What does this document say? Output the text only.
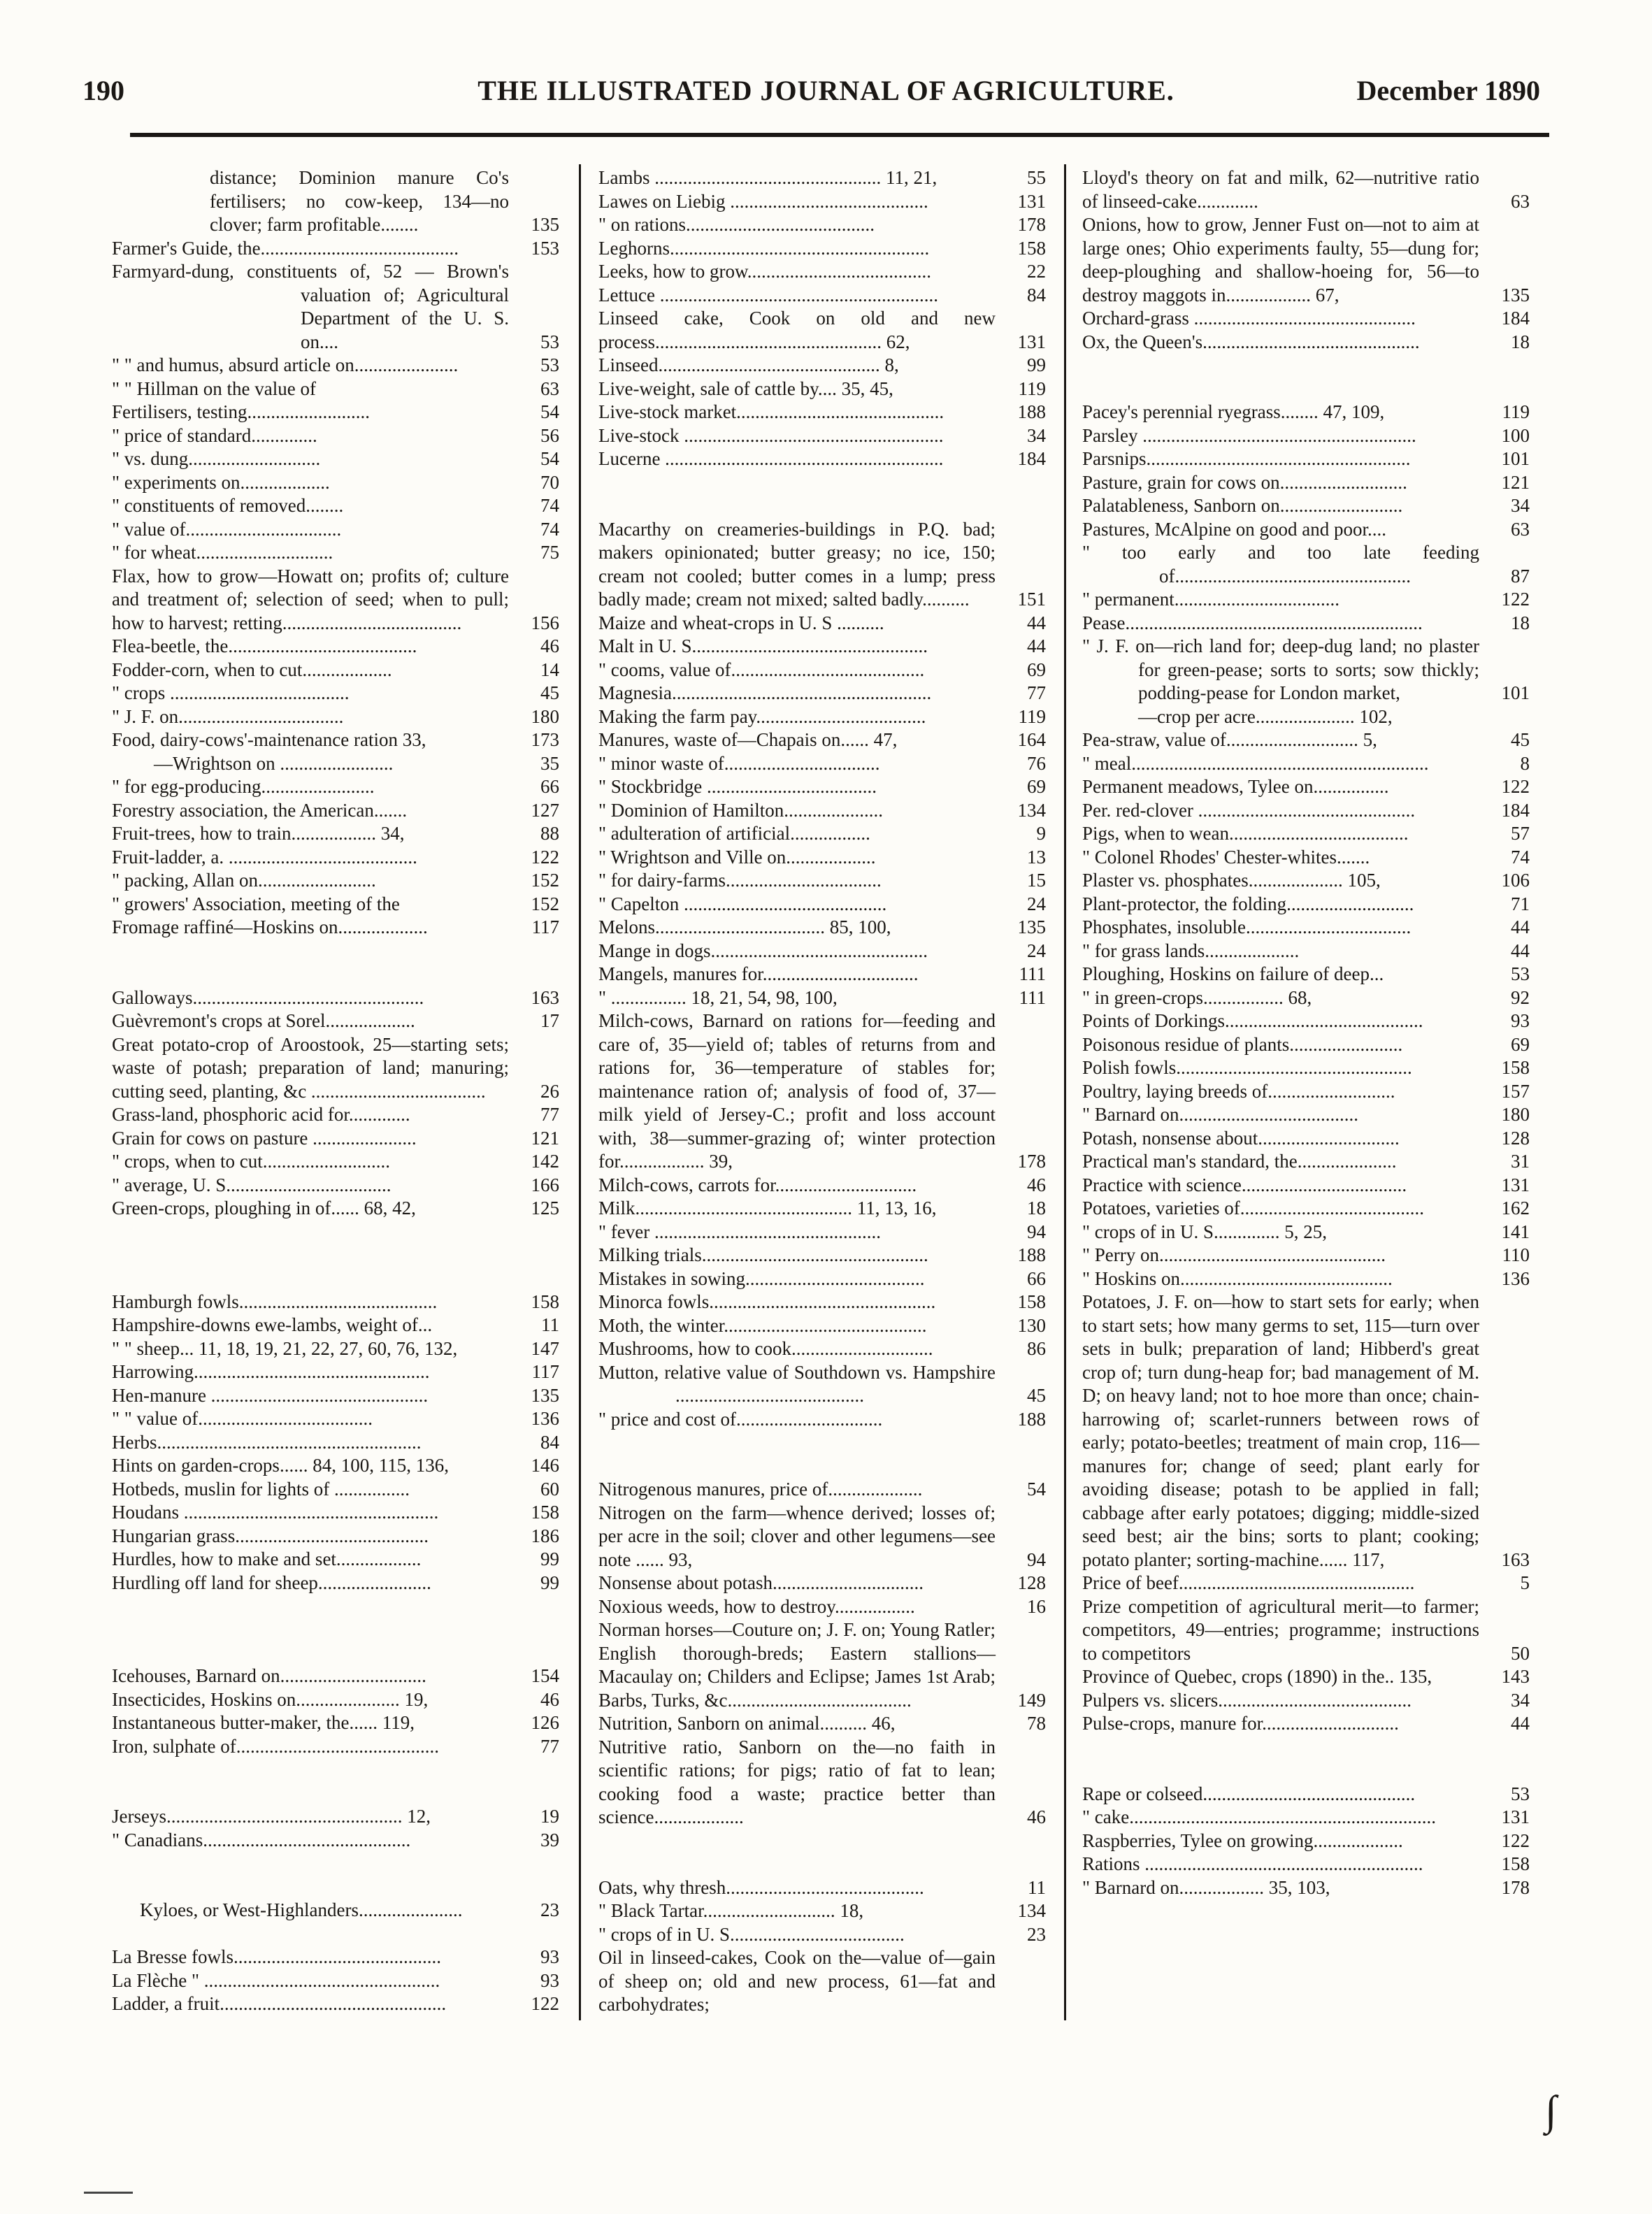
190	THE ILLUSTRATED JOURNAL OF AGRICULTURE.	December 1890
distance; Dominion manure Co's fertilisers; no cow-keep, 134—no clover; farm profitable........	135
Farmer's Guide, the..........................................	153
Farmyard-dung, constituents of, 52 — Brown's valuation of; Agricultural Department of the U. S. on....	53
" " and humus, absurd article on......................	53
" " Hillman on the value of	63
Fertilisers, testing..........................	54
" price of standard..............	56
" vs. dung............................	54
" experiments on...................	70
" constituents of removed........	74
" value of.................................	74
" for wheat.............................	75
Flax, how to grow—Howatt on; profits of; culture and treatment of; selection of seed; when to pull; how to harvest; retting......................................	156
Flea-beetle, the........................................	46
Fodder-corn, when to cut...................	14
" crops ......................................	45
" J. F. on...................................	180
Food, dairy-cows'-maintenance ration 33,	173
—Wrightson on ........................	35
" for egg-producing........................	66
Forestry association, the American.......	127
Fruit-trees, how to train.................. 34,	88
Fruit-ladder, a. ........................................	122
" packing, Allan on.........................	152
" growers' Association, meeting of the	152
Fromage raffiné—Hoskins on...................	117
Galloways.................................................	163
Guèvremont's crops at Sorel...................	17
Great potato-crop of Aroostook, 25—starting sets; waste of potash; preparation of land; manuring; cutting seed, planting, &c .....................................	26
Grass-land, phosphoric acid for.............	77
Grain for cows on pasture ......................	121
" crops, when to cut...........................	142
" average, U. S...................................	166
Green-crops, ploughing in of...... 68, 42,	125
Hamburgh fowls..........................................	158
Hampshire-downs ewe-lambs, weight of...	11
" " sheep... 11, 18, 19, 21, 22, 27, 60, 76, 132,	147
Harrowing..................................................	117
Hen-manure ..............................................	135
" " value of.....................................	136
Herbs........................................................	84
Hints on garden-crops...... 84, 100, 115, 136,	146
Hotbeds, muslin for lights of ................	60
Houdans ......................................................	158
Hungarian grass.........................................	186
Hurdles, how to make and set..................	99
Hurdling off land for sheep........................	99
Icehouses, Barnard on...............................	154
Insecticides, Hoskins on...................... 19,	46
Instantaneous butter-maker, the...... 119,	126
Iron, sulphate of...........................................	77
Jerseys.................................................. 12,	19
" Canadians............................................	39
Kyloes, or West-Highlanders......................	23
La Bresse fowls............................................	93
La Flèche " ..................................................	93
Ladder, a fruit................................................	122
Lambs ................................................ 11, 21,	55
Lawes on Liebig ..........................................	131
" on rations........................................	178
Leghorns.......................................................	158
Leeks, how to grow.......................................	22
Lettuce ...........................................................	84
Linseed cake, Cook on old and new process................................................ 62,	131
Linseed............................................... 8,	99
Live-weight, sale of cattle by.... 35, 45,	119
Live-stock market............................................	188
Live-stock .......................................................	34
Lucerne ...........................................................	184
Macarthy on creameries-buildings in P.Q. bad; makers opinionated; butter greasy; no ice, 150; cream not cooled; butter comes in a lump; press badly made; cream not mixed; salted badly..........	151
Maize and wheat-crops in U. S ..........	44
Malt in U. S..................................................	44
" cooms, value of.........................................	69
Magnesia.......................................................	77
Making the farm pay....................................	119
Manures, waste of—Chapais on...... 47,	164
" minor waste of.................................	76
" Stockbridge ....................................	69
" Dominion of Hamilton.....................	134
" adulteration of artificial.................	9
" Wrightson and Ville on...................	13
" for dairy-farms.................................	15
" Capelton ...........................................	24
Melons.................................... 85, 100,	135
Mange in dogs..............................................	24
Mangels, manures for.................................	111
" ................ 18, 21, 54, 98, 100,	111
Milch-cows, Barnard on rations for—feeding and care of, 35—yield of; tables of returns from and rations for, 36—temperature of stables for; maintenance ration of; analysis of food of, 37—milk yield of Jersey-C.; profit and loss account with, 38—summer-grazing of; winter protection for.................. 39,	178
Milch-cows, carrots for..............................	46
Milk.............................................. 11, 13, 16,	18
" fever ................................................	94
Milking trials................................................	188
Mistakes in sowing......................................	66
Minorca fowls................................................	158
Moth, the winter...........................................	130
Mushrooms, how to cook..............................	86
Mutton, relative value of Southdown vs. Hampshire ........................................	45
" price and cost of...............................	188
Nitrogenous manures, price of....................	54
Nitrogen on the farm—whence derived; losses of; per acre in the soil; clover and other legumens—see note ...... 93,	94
Nonsense about potash................................	128
Noxious weeds, how to destroy.................	16
Norman horses—Couture on; J. F. on; Young Ratler; English thorough-breds; Eastern stallions—Macaulay on; Childers and Eclipse; James 1st Arab; Barbs, Turks, &c.......................................	149
Nutrition, Sanborn on animal.......... 46,	78
Nutritive ratio, Sanborn on the—no faith in scientific rations; for pigs; ratio of fat to lean; cooking food a waste; practice better than science...................	46
Oats, why thresh..........................................	11
" Black Tartar............................ 18,	134
" crops of in U. S.....................................	23
Oil in linseed-cakes, Cook on the—value of—gain of sheep on; old and new process, 61—fat and carbohydrates;
Lloyd's theory on fat and milk, 62—nutritive ratio of linseed-cake.............	63
Onions, how to grow, Jenner Fust on—not to aim at large ones; Ohio experiments faulty, 55—dung for; deep-ploughing and shallow-hoeing for, 56—to destroy maggots in.................. 67,	135
Orchard-grass ...............................................	184
Ox, the Queen's..............................................	18
Pacey's perennial ryegrass........ 47, 109,	119
Parsley ..........................................................	100
Parsnips........................................................	101
Pasture, grain for cows on...........................	121
Palatableness, Sanborn on..........................	34
Pastures, McAlpine on good and poor....	63
" too early and too late feeding of..................................................	87
" permanent...................................	122
Pease...............................................................	18
" J. F. on—rich land for; deep-dug land; no plaster for green-pease; sorts to sorts; sow thickly; podding-pease for London market,	101
—crop per acre..................... 102,
Pea-straw, value of............................ 5,	45
" meal...............................................................	8
Permanent meadows, Tylee on................	122
Per. red-clover ..............................................	184
Pigs, when to wean......................................	57
" Colonel Rhodes' Chester-whites.......	74
Plaster vs. phosphates.................... 105,	106
Plant-protector, the folding...........................	71
Phosphates, insoluble...................................	44
" for grass lands....................	44
Ploughing, Hoskins on failure of deep...	53
" in green-crops................. 68,	92
Points of Dorkings..........................................	93
Poisonous residue of plants........................	69
Polish fowls..................................................	158
Poultry, laying breeds of...........................	157
" Barnard on......................................	180
Potash, nonsense about..............................	128
Practical man's standard, the.....................	31
Practice with science...................................	131
Potatoes, varieties of.......................................	162
" crops of in U. S.............. 5, 25,	141
" Perry on................................................	110
" Hoskins on.............................................	136
Potatoes, J. F. on—how to start sets for early; when to start sets; how many germs to set, 115—turn over sets in bulk; preparation of land; Hibberd's great crop of; turn dung-heap for; bad management of M. D; on heavy land; not to hoe more than once; chain-harrowing of; scarlet-runners between rows of early; potato-beetles; treatment of main crop, 116—manures for; change of seed; plant early for avoiding disease; potash to be applied in fall; cabbage after early potatoes; digging; middle-sized seed best; air the bins; sorts to plant; cooking; potato planter; sorting-machine...... 117,	163
Price of beef..................................................	5
Prize competition of agricultural merit—to farmer; competitors, 49—entries; programme; instructions to competitors	50
Province of Quebec, crops (1890) in the.. 135,	143
Pulpers vs. slicers.........................................	34
Pulse-crops, manure for.............................	44
Rape or colseed.............................................	53
" cake.................................................................	131
Raspberries, Tylee on growing...................	122
Rations ...........................................................	158
" Barnard on.................. 35, 103,	178
∫
